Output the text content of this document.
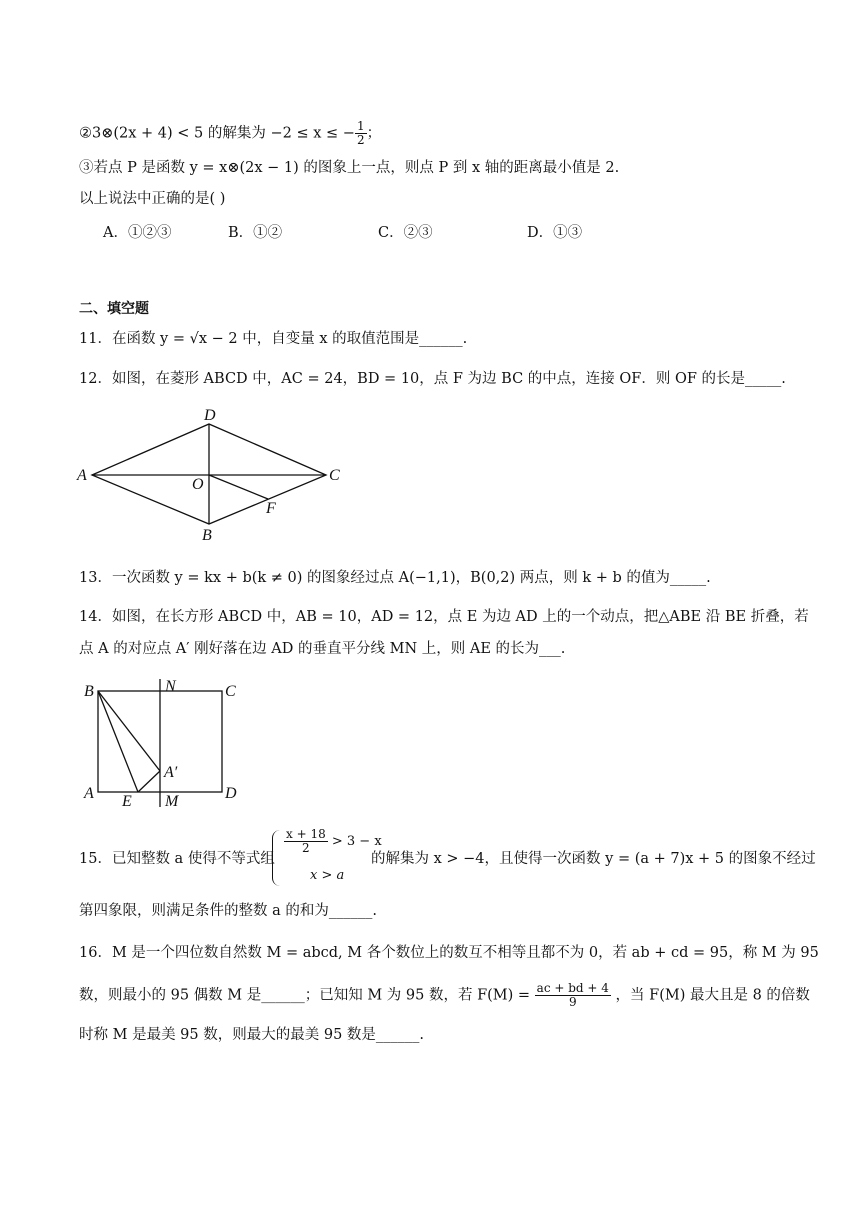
②3⊗(2x + 4) < 5 的解集为 −2 ≤ x ≤ − $\frac{1}{2}$ ；
③若点 P 是函数 y = x⊗(2x − 1) 的图象上一点，则点 P 到 x 轴的距离最小值是 2.
以上说法中正确的是( )
A．①②③	B．①②	C．②③	D．①③
二、填空题
11．在函数 y = √x − 2 中，自变量 x 的取值范围是______.
12．如图，在菱形 ABCD 中，AC = 24，BD = 10，点 F 为边 BC 的中点，连接 OF．则 OF 的长是_____.
A
D
C
O
F
B
13．一次函数 y = kx + b(k ≠ 0) 的图象经过点 A(−1,1)，B(0,2) 两点，则 k + b 的值为_____.
14．如图，在长方形 ABCD 中，AB = 10，AD = 12，点 E 为边 AD 上的一个动点，把△ABE 沿 BE 折叠，若
点 A 的对应点 A′ 刚好落在边 AD 的垂直平分线 MN 上，则 AE 的长为___.
B	N	C
A′
A E M	D
15．已知整数 a 使得不等式组
$\frac{x + 18}{2} > 3 - x$
x > a
的解集为 x > −4，且使得一次函数 y = (a + 7)x + 5 的图象不经过
第四象限，则满足条件的整数 a 的和为______.
16．M 是一个四位数自然数 M = abcd, M 各个数位上的数互不相等且都不为 0，若 ab + cd = 95，称 M 为 95
数，则最小的 95 偶数 M 是______；已知知 M 为 95 数，若 $F(M) = \frac{ac + bd + 4}{9}$ ，当 F(M) 最大且是 8 的倍数
时称 M 是最美 95 数，则最大的最美 95 数是______.
